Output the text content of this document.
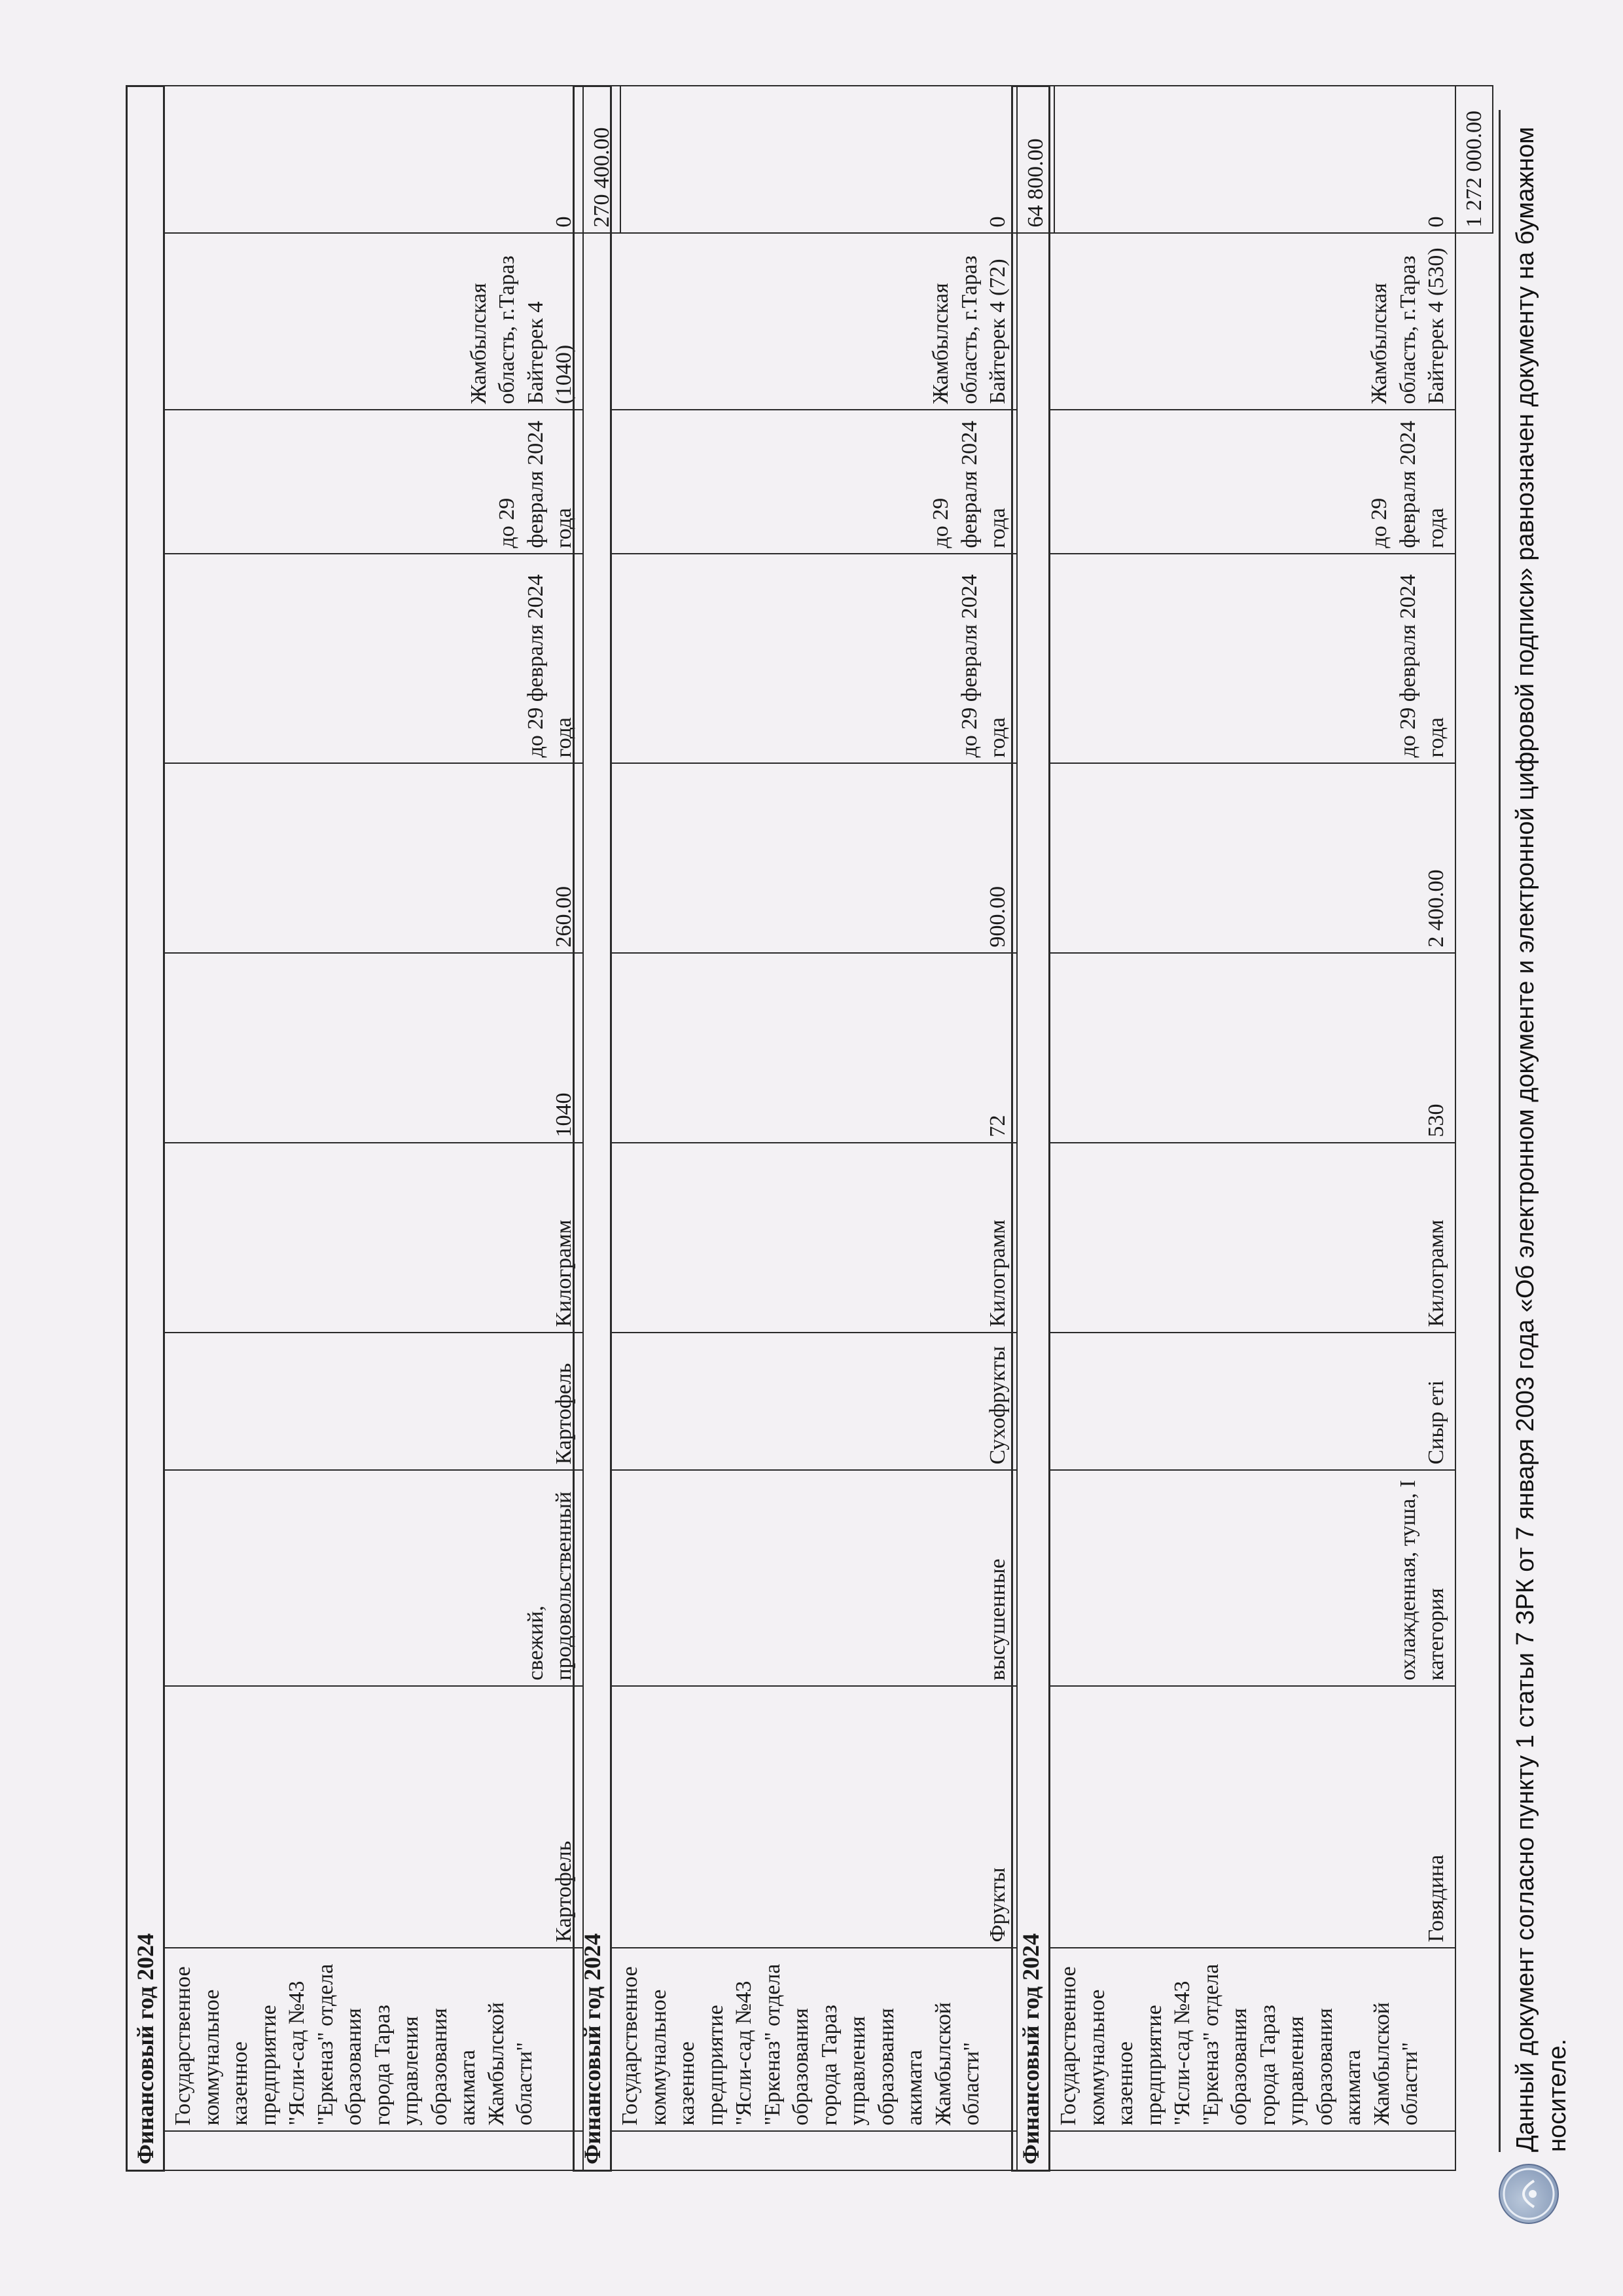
Финансовый год 2024											
	Государственное коммунальное казенное предприятие "Ясли-сад №43 "Еркеназ" отдела образования города Тараз управления образования акимата Жамбылской области"	Картофель	свежий, продовольственный	Картофель	Килограмм	1040	260.00	до 29 февраля 2024 года	до 29 февраля 2024 года	Жамбылская область, г.Тараз Байтерек 4 (1040)	0
											270 400.00
Финансовый год 2024											
	Государственное коммунальное казенное предприятие "Ясли-сад №43 "Еркеназ" отдела образования города Тараз управления образования акимата Жамбылской области"	Фрукты	высушенные	Сухофрукты	Килограмм	72	900.00	до 29 февраля 2024 года	до 29 февраля 2024 года	Жамбылская область, г.Тараз Байтерек 4 (72)	0
											64 800.00
Финансовый год 2024											
	Государственное коммунальное казенное предприятие "Ясли-сад №43 "Еркеназ" отдела образования города Тараз управления образования акимата Жамбылской области"	Говядина	охлажденная, туша, I категория	Сиыр еті	Килограмм	530	2 400.00	до 29 февраля 2024 года	до 29 февраля 2024 года	Жамбылская область, г.Тараз Байтерек 4 (530)	0
											1 272 000.00	Данный документ согласно пункту 1 статьи 7 ЗРК от 7 января 2003 года «Об электронном документе и электронной цифровой подписи» равнозначен документу на бумажном носителе.
